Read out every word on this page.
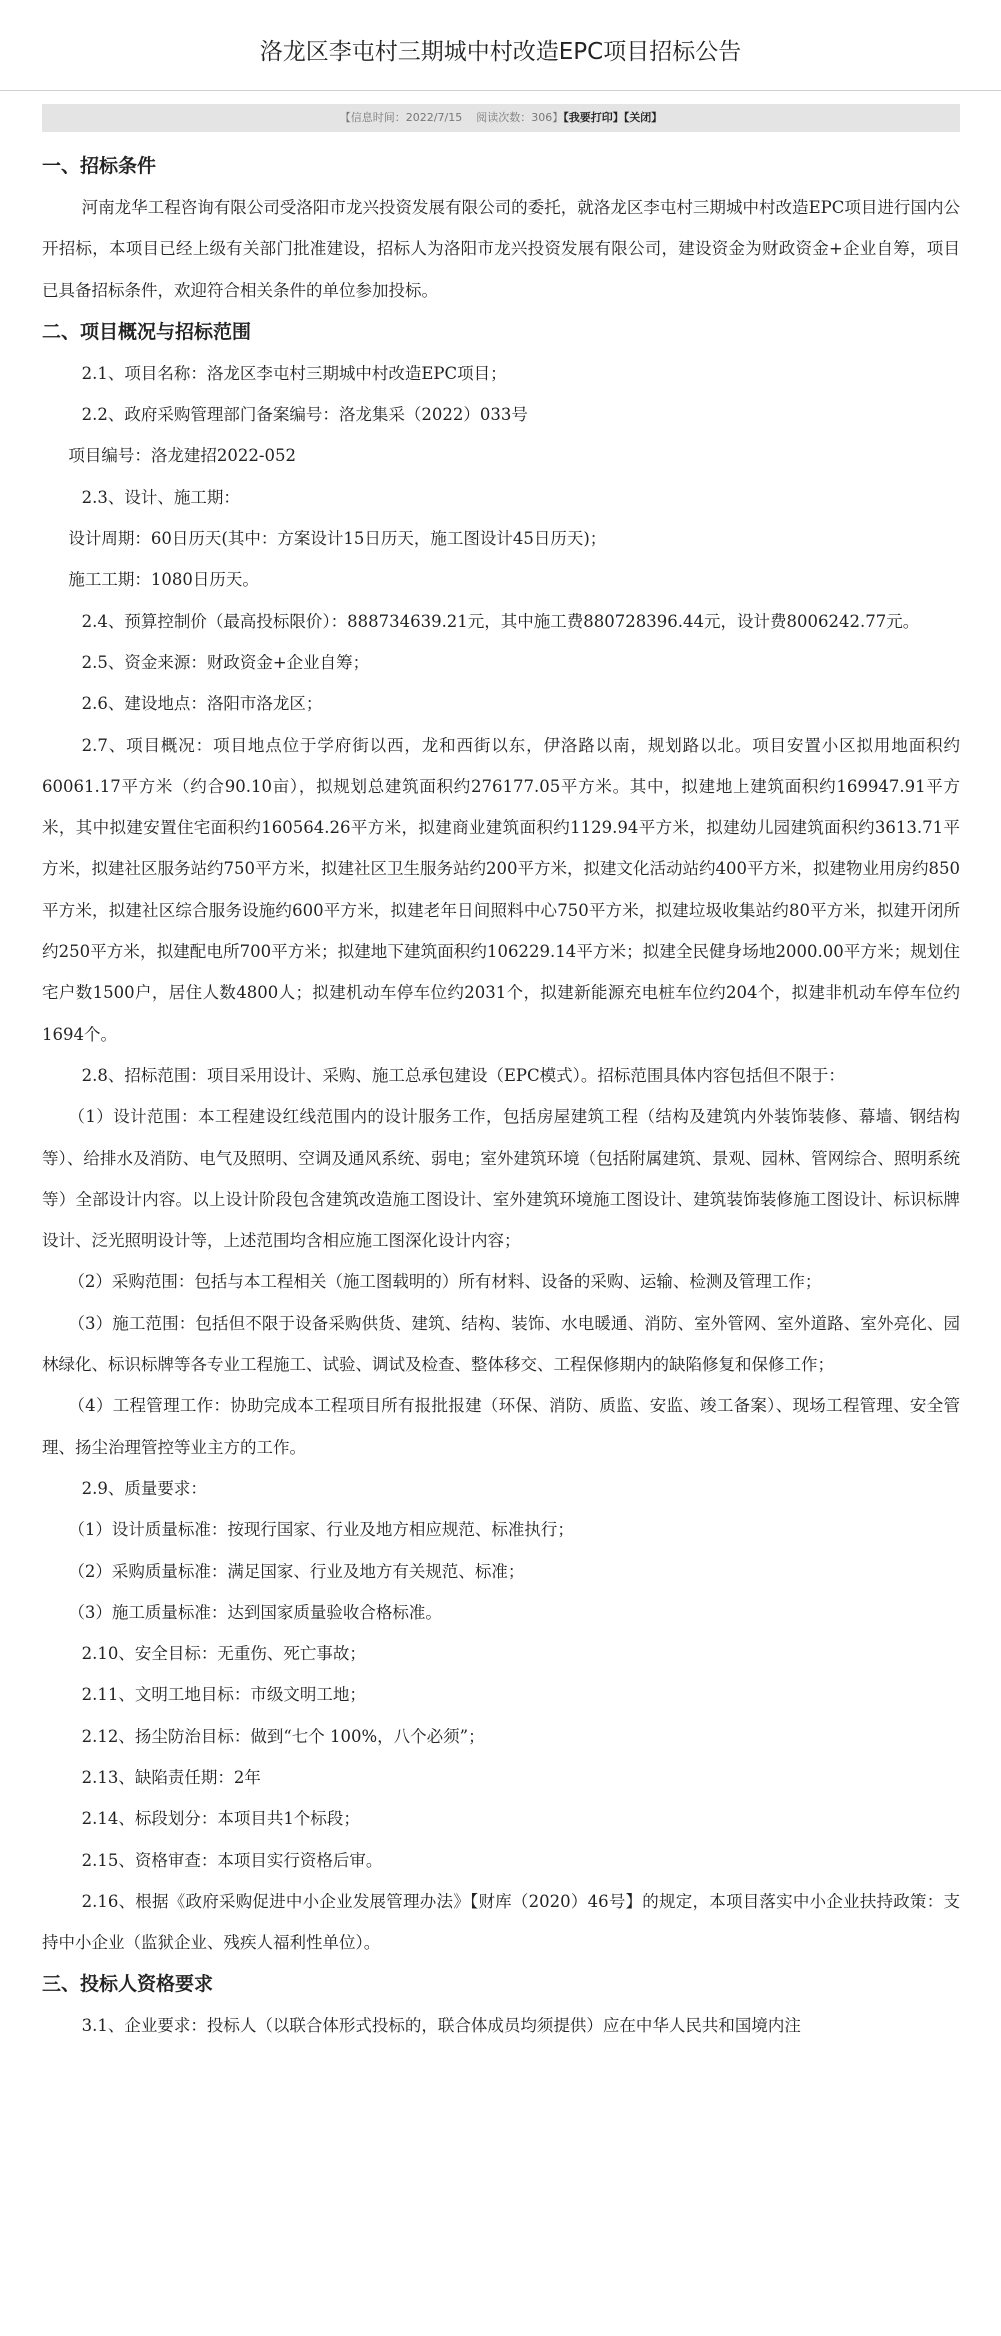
洛龙区李屯村三期城中村改造EPC项目招标公告
【信息时间：2022/7/15 阅读次数：306】【我要打印】【关闭】
一、招标条件

河南龙华工程咨询有限公司受洛阳市龙兴投资发展有限公司的委托，就洛龙区李屯村三期城中村改造EPC项目进行国内公开招标，本项目已经上级有关部门批准建设，招标人为洛阳市龙兴投资发展有限公司，建设资金为财政资金+企业自筹，项目已具备招标条件，欢迎符合相关条件的单位参加投标。

二、项目概况与招标范围

2.1、项目名称：洛龙区李屯村三期城中村改造EPC项目；

2.2、政府采购管理部门备案编号：洛龙集采（2022）033号

项目编号：洛龙建招2022-052

2.3、设计、施工期：

设计周期：60日历天(其中：方案设计15日历天，施工图设计45日历天)；

施工工期：1080日历天。

2.4、预算控制价（最高投标限价）：888734639.21元，其中施工费880728396.44元，设计费8006242.77元。

2.5、资金来源：财政资金+企业自筹；

2.6、建设地点：洛阳市洛龙区；

2.7、项目概况：项目地点位于学府街以西，龙和西街以东，伊洛路以南，规划路以北。项目安置小区拟用地面积约60061.17平方米（约合90.10亩），拟规划总建筑面积约276177.05平方米。其中，拟建地上建筑面积约169947.91平方米，其中拟建安置住宅面积约160564.26平方米，拟建商业建筑面积约1129.94平方米，拟建幼儿园建筑面积约3613.71平方米，拟建社区服务站约750平方米，拟建社区卫生服务站约200平方米，拟建文化活动站约400平方米，拟建物业用房约850平方米，拟建社区综合服务设施约600平方米，拟建老年日间照料中心750平方米，拟建垃圾收集站约80平方米，拟建开闭所约250平方米，拟建配电所700平方米；拟建地下建筑面积约106229.14平方米；拟建全民健身场地2000.00平方米；规划住宅户数1500户，居住人数4800人；拟建机动车停车位约2031个，拟建新能源充电桩车位约204个，拟建非机动车停车位约1694个。

2.8、招标范围：项目采用设计、采购、施工总承包建设（EPC模式）。招标范围具体内容包括但不限于：

（1）设计范围：本工程建设红线范围内的设计服务工作，包括房屋建筑工程（结构及建筑内外装饰装修、幕墙、钢结构等）、给排水及消防、电气及照明、空调及通风系统、弱电；室外建筑环境（包括附属建筑、景观、园林、管网综合、照明系统等）全部设计内容。以上设计阶段包含建筑改造施工图设计、室外建筑环境施工图设计、建筑装饰装修施工图设计、标识标牌设计、泛光照明设计等，上述范围均含相应施工图深化设计内容；

（2）采购范围：包括与本工程相关（施工图载明的）所有材料、设备的采购、运输、检测及管理工作；

（3）施工范围：包括但不限于设备采购供货、建筑、结构、装饰、水电暖通、消防、室外管网、室外道路、室外亮化、园林绿化、标识标牌等各专业工程施工、试验、调试及检查、整体移交、工程保修期内的缺陷修复和保修工作；

（4）工程管理工作：协助完成本工程项目所有报批报建（环保、消防、质监、安监、竣工备案）、现场工程管理、安全管理、扬尘治理管控等业主方的工作。

2.9、质量要求：

（1）设计质量标准：按现行国家、行业及地方相应规范、标准执行；

（2）采购质量标准：满足国家、行业及地方有关规范、标准；

（3）施工质量标准：达到国家质量验收合格标准。

2.10、安全目标：无重伤、死亡事故；

2.11、文明工地目标：市级文明工地；

2.12、扬尘防治目标：做到“七个 100%，八个必须”；

2.13、缺陷责任期：2年

2.14、标段划分：本项目共1个标段；

2.15、资格审查：本项目实行资格后审。

2.16、根据《政府采购促进中小企业发展管理办法》【财库（2020）46号】的规定，本项目落实中小企业扶持政策：支持中小企业（监狱企业、残疾人福利性单位）。

三、投标人资格要求

3.1、企业要求：投标人（以联合体形式投标的，联合体成员均须提供）应在中华人民共和国境内注
